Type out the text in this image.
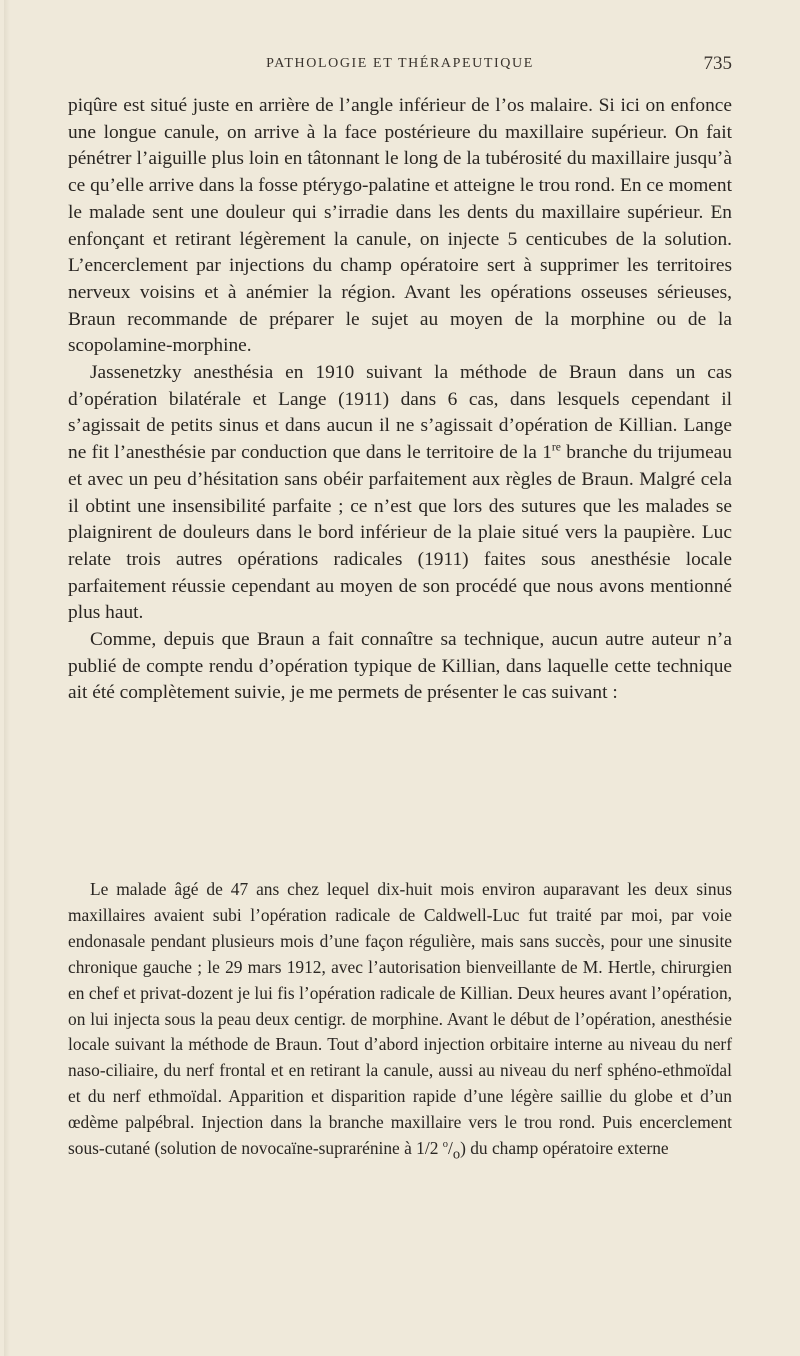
PATHOLOGIE ET THÉRAPEUTIQUE	735

piqûre est situé juste en arrière de l’angle inférieur de l’os malaire. Si ici on enfonce une longue canule, on arrive à la face postérieure du maxillaire supérieur. On fait pénétrer l’aiguille plus loin en tâtonnant le long de la tubérosité du maxillaire jusqu’à ce qu’elle arrive dans la fosse ptérygo-palatine et atteigne le trou rond. En ce moment le malade sent une douleur qui s’irradie dans les dents du maxillaire supérieur. En enfonçant et retirant légèrement la canule, on injecte 5 centicubes de la solution. L’encerclement par injections du champ opératoire sert à supprimer les territoires nerveux voisins et à anémier la région. Avant les opérations osseuses sérieuses, Braun recommande de préparer le sujet au moyen de la morphine ou de la scopolamine-morphine.

Jassenetzky anesthésia en 1910 suivant la méthode de Braun dans un cas d’opération bilatérale et Lange (1911) dans 6 cas, dans lesquels cependant il s’agissait de petits sinus et dans aucun il ne s’agissait d’opération de Killian. Lange ne fit l’anesthésie par conduction que dans le territoire de la 1re branche du trijumeau et avec un peu d’hésitation sans obéir parfaitement aux règles de Braun. Malgré cela il obtint une insensibilité parfaite ; ce n’est que lors des sutures que les malades se plaignirent de douleurs dans le bord inférieur de la plaie situé vers la paupière. Luc relate trois autres opérations radicales (1911) faites sous anesthésie locale parfaitement réussie cependant au moyen de son procédé que nous avons mentionné plus haut.

Comme, depuis que Braun a fait connaître sa technique, aucun autre auteur n’a publié de compte rendu d’opération typique de Killian, dans laquelle cette technique ait été complètement suivie, je me permets de présenter le cas suivant :

Le malade âgé de 47 ans chez lequel dix-huit mois environ auparavant les deux sinus maxillaires avaient subi l’opération radicale de Caldwell-Luc fut traité par moi, par voie endonasale pendant plusieurs mois d’une façon régulière, mais sans succès, pour une sinusite chronique gauche ; le 29 mars 1912, avec l’autorisation bienveillante de M. Hertle, chirurgien en chef et privat-dozent je lui fis l’opération radicale de Killian. Deux heures avant l’opération, on lui injecta sous la peau deux centigr. de morphine. Avant le début de l’opération, anesthésie locale suivant la méthode de Braun. Tout d’abord injection orbitaire interne au niveau du nerf naso-ciliaire, du nerf frontal et en retirant la canule, aussi au niveau du nerf sphéno-ethmoïdal et du nerf ethmoïdal. Apparition et disparition rapide d’une légère saillie du globe et d’un œdème palpébral. Injection dans la branche maxillaire vers le trou rond. Puis encerclement sous-cutané (solution de novocaïne-suprarénine à 1/2 $^o/_o$) du champ opératoire externe
